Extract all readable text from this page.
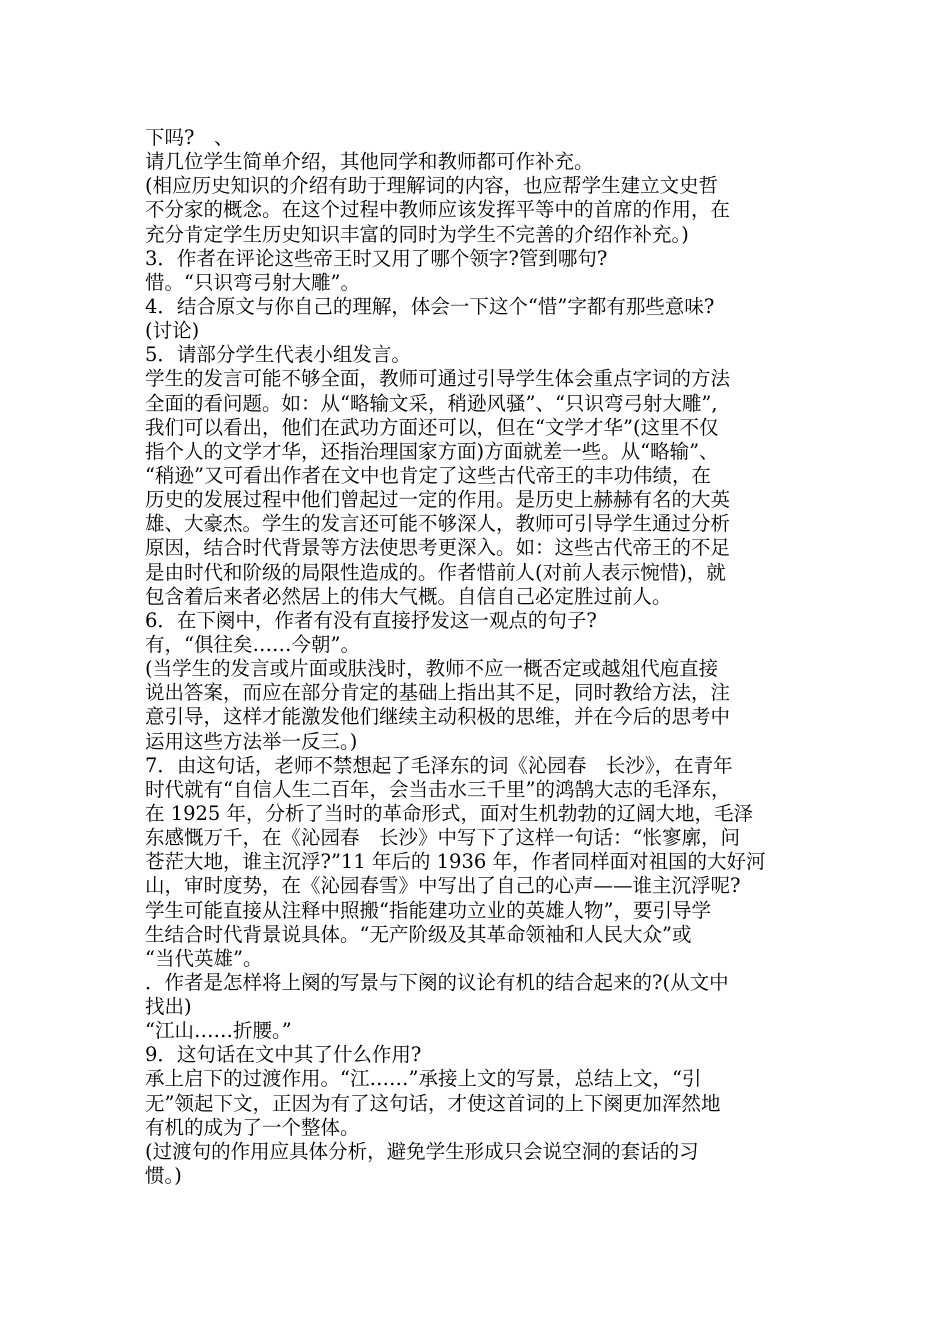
下吗?　、
请几位学生简单介绍，其他同学和教师都可作补充。
(相应历史知识的介绍有助于理解词的内容，也应帮学生建立文史哲
不分家的概念。在这个过程中教师应该发挥平等中的首席的作用，在
充分肯定学生历史知识丰富的同时为学生不完善的介绍作补充。)
3．作者在评论这些帝王时又用了哪个领字?管到哪句?
惜。“只识弯弓射大雕”。
4．结合原文与你自己的理解，体会一下这个“惜”字都有那些意味?
(讨论)
5．请部分学生代表小组发言。
学生的发言可能不够全面，教师可通过引导学生体会重点字词的方法
全面的看问题。如：从“略输文采，稍逊风骚”、“只识弯弓射大雕”,
我们可以看出，他们在武功方面还可以，但在“文学才华”(这里不仅
指个人的文学才华，还指治理国家方面)方面就差一些。从“略输”、
“稍逊”又可看出作者在文中也肯定了这些古代帝王的丰功伟绩，在
历史的发展过程中他们曾起过一定的作用。是历史上赫赫有名的大英
雄、大豪杰。学生的发言还可能不够深人，教师可引导学生通过分析
原因，结合时代背景等方法使思考更深入。如：这些古代帝王的不足
是由时代和阶级的局限性造成的。作者惜前人(对前人表示惋惜)，就
包含着后来者必然居上的伟大气概。自信自己必定胜过前人。
6．在下阕中，作者有没有直接抒发这一观点的句子?
有，“俱往矣……今朝”。
(当学生的发言或片面或肤浅时，教师不应一概否定或越俎代庖直接
说出答案，而应在部分肯定的基础上指出其不足，同时教给方法，注
意引导，这样才能激发他们继续主动积极的思维，并在今后的思考中
运用这些方法举一反三。)
7．由这句话，老师不禁想起了毛泽东的词《沁园春　长沙》，在青年
时代就有“自信人生二百年，会当击水三千里”的鸿鹄大志的毛泽东，
在 1925 年，分析了当时的革命形式，面对生机勃勃的辽阔大地，毛泽
东感慨万千，在《沁园春　长沙》中写下了这样一句话：“怅寥廓，问
苍茫大地，谁主沉浮?”11 年后的 1936 年，作者同样面对祖国的大好河
山，审时度势，在《沁园春雪》中写出了自己的心声——谁主沉浮呢?
学生可能直接从注释中照搬“指能建功立业的英雄人物”，要引导学
生结合时代背景说具体。“无产阶级及其革命领袖和人民大众”或
“当代英雄”。
．作者是怎样将上阕的写景与下阕的议论有机的结合起来的?(从文中
找出)
“江山……折腰。”
9．这句话在文中其了什么作用?
承上启下的过渡作用。“江……”承接上文的写景，总结上文，“引
无”领起下文，正因为有了这句话，才使这首词的上下阕更加浑然地
有机的成为了一个整体。
(过渡句的作用应具体分析，避免学生形成只会说空洞的套话的习
惯。)
